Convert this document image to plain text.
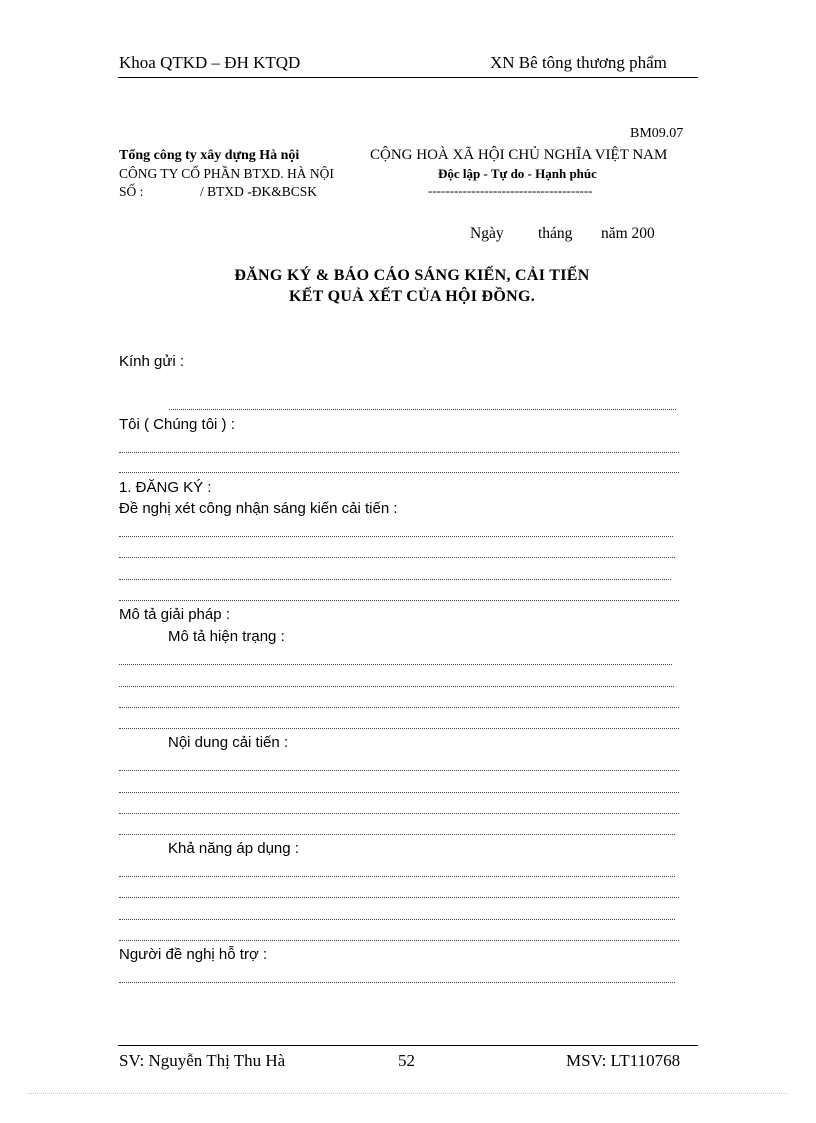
Khoa QTKD – ĐH KTQD	XN Bê tông thương phẩm
BM09.07
Tổng công ty xây dựng Hà nội
CÔNG TY CỔ PHẦN BTXD. HÀ NỘI
SỐ :	/ BTXD -ĐK&BCSK
CỘNG HOÀ XÃ HỘI CHỦ NGHĨA VIỆT NAM
Độc lập - Tự do - Hạnh phúc
--------------------------------------
Ngày tháng năm 200
ĐĂNG KÝ & BÁO CÁO SÁNG KIẾN, CẢI TIẾN
KẾT QUẢ XẾT CỦA HỘI ĐỒNG.
Kính gửi :
Tôi ( Chúng tôi ) :
1. ĐĂNG KÝ :
Đề nghị xét công nhận sáng kiến cải tiến :
Mô tả giải pháp :
Mô tả hiện trạng :
Nội dung cải tiến :
Khả năng áp dụng :
Người đề nghị hỗ trợ :
SV: Nguyễn Thị Thu Hà	52	MSV: LT110768
